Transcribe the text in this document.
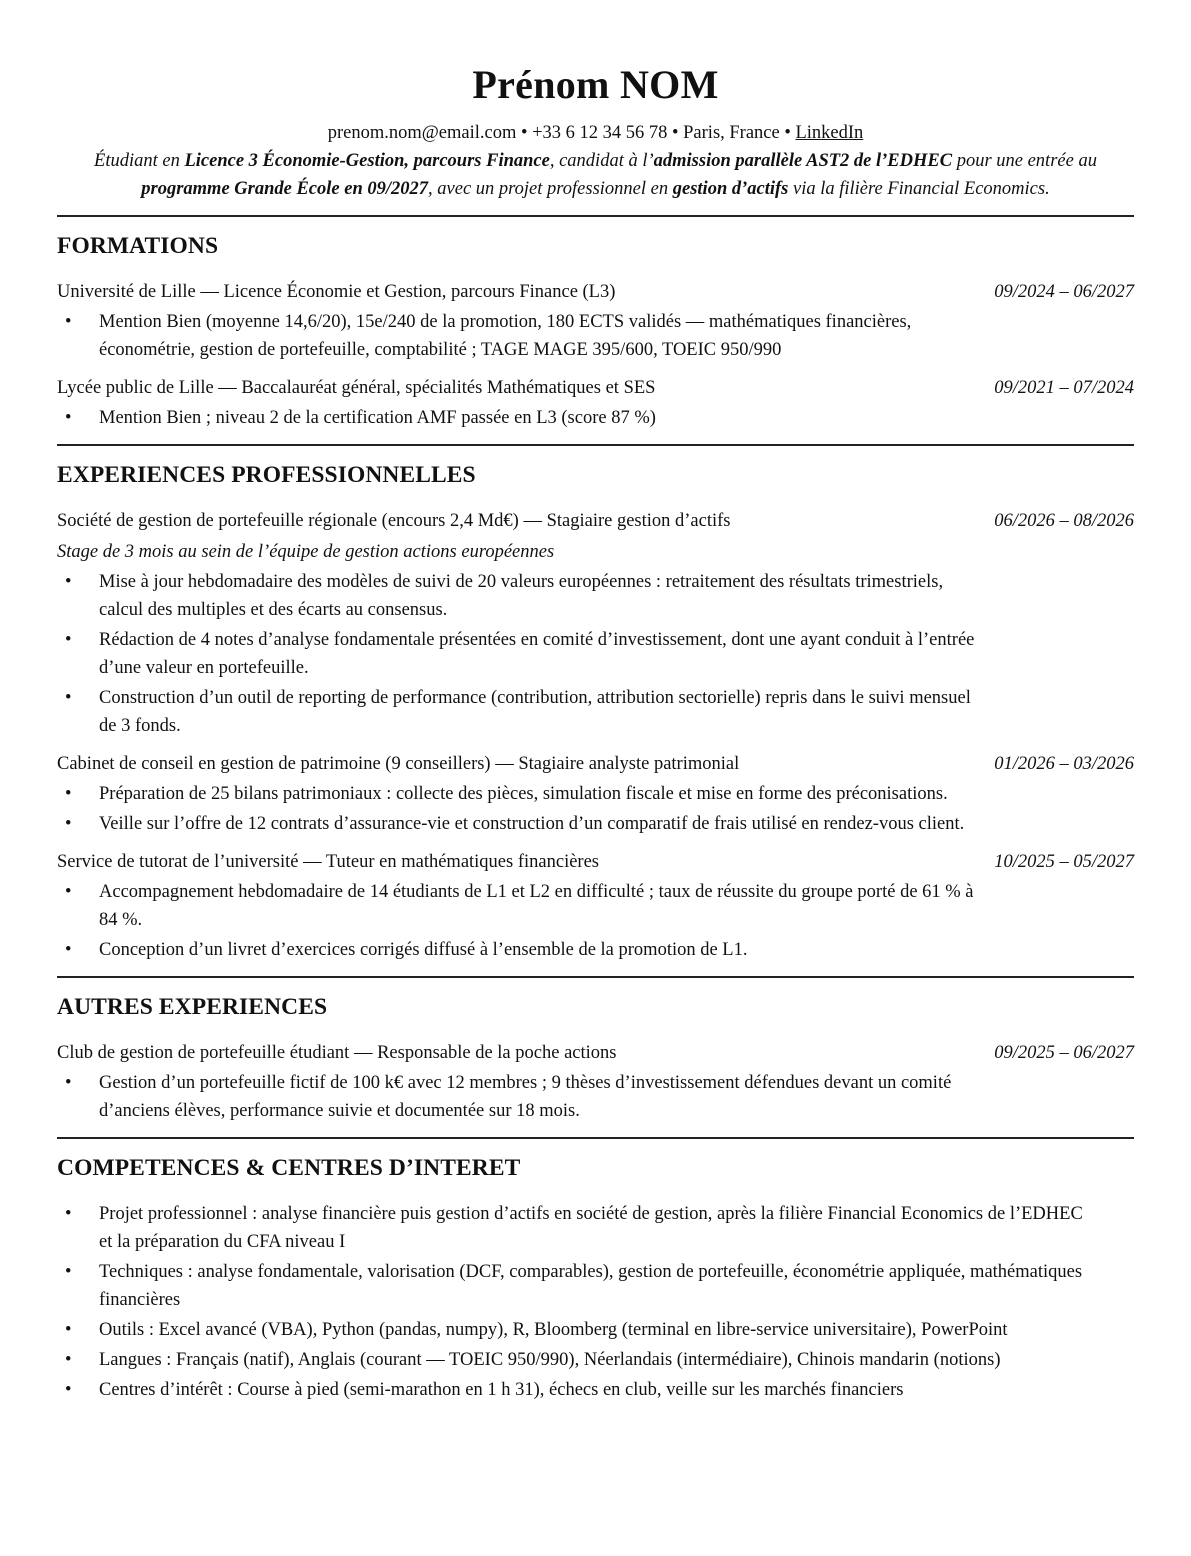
Prénom NOM
prenom.nom@email.com • +33 6 12 34 56 78 • Paris, France • LinkedIn

Étudiant en Licence 3 Économie-Gestion, parcours Finance, candidat à l’admission parallèle AST2 de l’EDHEC pour une entrée au programme Grande École en 09/2027, avec un projet professionnel en gestion d’actifs via la filière Financial Economics.

FORMATIONS
Université de Lille — Licence Économie et Gestion, parcours Finance (L3)	09/2024 – 06/2027
• Mention Bien (moyenne 14,6/20), 15e/240 de la promotion, 180 ECTS validés — mathématiques financières, économétrie, gestion de portefeuille, comptabilité ; TAGE MAGE 395/600, TOEIC 950/990
Lycée public de Lille — Baccalauréat général, spécialités Mathématiques et SES	09/2021 – 07/2024
• Mention Bien ; niveau 2 de la certification AMF passée en L3 (score 87 %)
EXPERIENCES PROFESSIONNELLES
Société de gestion de portefeuille régionale (encours 2,4 Md€) — Stagiaire gestion d’actifs	06/2026 – 08/2026
Stage de 3 mois au sein de l’équipe de gestion actions européennes
• Mise à jour hebdomadaire des modèles de suivi de 20 valeurs européennes : retraitement des résultats trimestriels, calcul des multiples et des écarts au consensus.
• Rédaction de 4 notes d’analyse fondamentale présentées en comité d’investissement, dont une ayant conduit à l’entrée d’une valeur en portefeuille.
• Construction d’un outil de reporting de performance (contribution, attribution sectorielle) repris dans le suivi mensuel de 3 fonds.
Cabinet de conseil en gestion de patrimoine (9 conseillers) — Stagiaire analyste patrimonial	01/2026 – 03/2026
• Préparation de 25 bilans patrimoniaux : collecte des pièces, simulation fiscale et mise en forme des préconisations.
• Veille sur l’offre de 12 contrats d’assurance-vie et construction d’un comparatif de frais utilisé en rendez-vous client.
Service de tutorat de l’université — Tuteur en mathématiques financières	10/2025 – 05/2027
• Accompagnement hebdomadaire de 14 étudiants de L1 et L2 en difficulté ; taux de réussite du groupe porté de 61 % à 84 %.
• Conception d’un livret d’exercices corrigés diffusé à l’ensemble de la promotion de L1.
AUTRES EXPERIENCES
Club de gestion de portefeuille étudiant — Responsable de la poche actions	09/2025 – 06/2027
• Gestion d’un portefeuille fictif de 100 k€ avec 12 membres ; 9 thèses d’investissement défendues devant un comité d’anciens élèves, performance suivie et documentée sur 18 mois.
COMPETENCES & CENTRES D’INTERET
• Projet professionnel : analyse financière puis gestion d’actifs en société de gestion, après la filière Financial Economics de l’EDHEC et la préparation du CFA niveau I
• Techniques : analyse fondamentale, valorisation (DCF, comparables), gestion de portefeuille, économétrie appliquée, mathématiques financières
• Outils : Excel avancé (VBA), Python (pandas, numpy), R, Bloomberg (terminal en libre-service universitaire), PowerPoint
• Langues : Français (natif), Anglais (courant — TOEIC 950/990), Néerlandais (intermédiaire), Chinois mandarin (notions)
• Centres d’intérêt : Course à pied (semi-marathon en 1 h 31), échecs en club, veille sur les marchés financiers
